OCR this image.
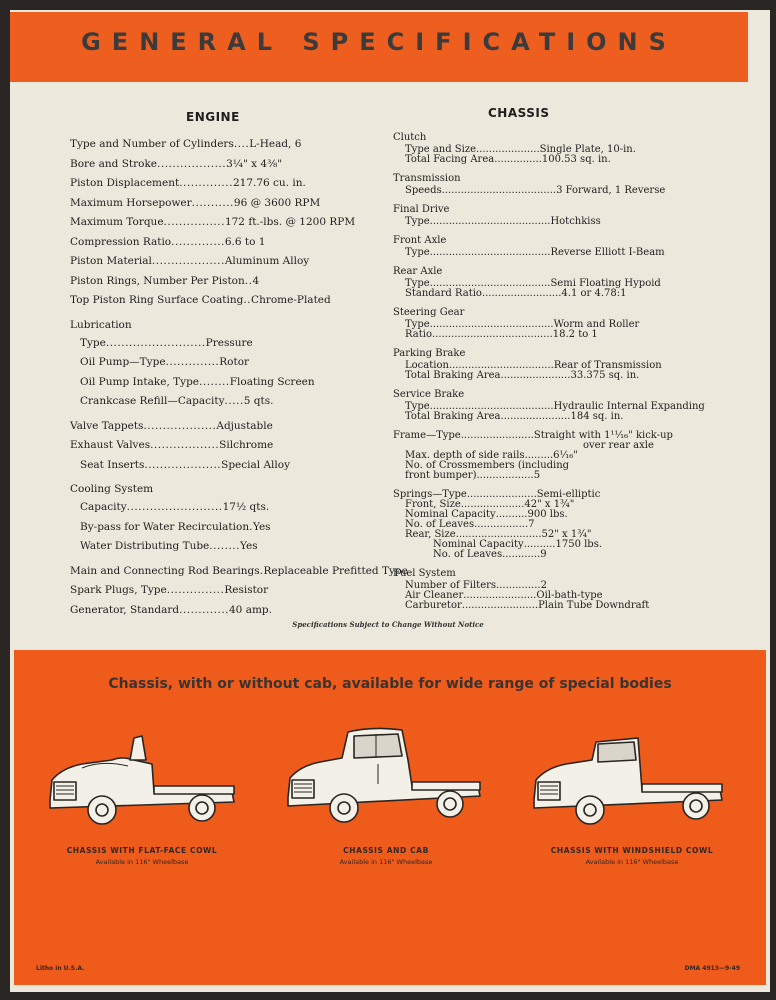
GENERAL SPECIFICATIONS
ENGINE	CHASSIS
Type and Number of Cylinders .... L-Head, 6
Bore and Stroke .................. 3¼" x 4⅜"
Piston Displacement .............. 217.76 cu. in.
Maximum Horsepower ........... 96 @ 3600 RPM
Maximum Torque ................ 172 ft.-lbs. @ 1200 RPM
Compression Ratio .............. 6.6 to 1
Piston Material ................... Aluminum Alloy
Piston Rings, Number Per Piston .. 4
Top Piston Ring Surface Coating .. Chrome-Plated
Lubrication
Type .......................... Pressure
Oil Pump—Type .............. Rotor
Oil Pump Intake, Type ........ Floating Screen
Crankcase Refill—Capacity ..... 5 qts.
Valve Tappets ................... Adjustable
Exhaust Valves .................. Silchrome
Seat Inserts .................... Special Alloy
Cooling System
Capacity ......................... 17½ qts.
By-pass for Water Recirculation . Yes
Water Distributing Tube ........ Yes
Main and Connecting Rod Bearings . Replaceable Prefitted Type
Spark Plugs, Type ............... Resistor
Generator, Standard ............. 40 amp.
Clutch
Type and Size .................... Single Plate, 10-in.
Total Facing Area ............... 100.53 sq. in.
Transmission
Speeds .................................... 3 Forward, 1 Reverse
Final Drive
Type ...................................... Hotchkiss
Front Axle
Type ...................................... Reverse Elliott I-Beam
Rear Axle
Type ...................................... Semi Floating Hypoid
Standard Ratio ......................... 4.1 or 4.78:1
Steering Gear
Type ....................................... Worm and Roller
Ratio ...................................... 18.2 to 1
Parking Brake
Location ................................. Rear of Transmission
Total Braking Area ...................... 33.375 sq. in.
Service Brake
Type ....................................... Hydraulic Internal Expanding
Total Braking Area ...................... 184 sq. in.
Frame—Type ....................... Straight with 1¹¹⁄₁₆" kick-up
over rear axle
Max. depth of side rails ......... 6¹⁄₁₆"
No. of Crossmembers (including
front bumper) .................. 5
Springs—Type ...................... Semi-elliptic
Front, Size .................... 42" x 1¾"
Nominal Capacity .......... 900 lbs.
No. of Leaves ................. 7
Rear, Size ........................... 52" x 1¾"
Nominal Capacity .......... 1750 lbs.
No. of Leaves ............ 9
Fuel System
Number of Filters .............. 2
Air Cleaner ....................... Oil-bath-type
Carburetor ........................ Plain Tube Downdraft
Specifications Subject to Change Without Notice
Chassis, with or without cab, available for wide range of special bodies
CHASSIS WITH FLAT-FACE COWL
Available in 116" Wheelbase
CHASSIS AND CAB
Available in 116" Wheelbase
CHASSIS WITH WINDSHIELD COWL
Available in 116" Wheelbase
Litho in U.S.A.	DMA 4913—9-49
